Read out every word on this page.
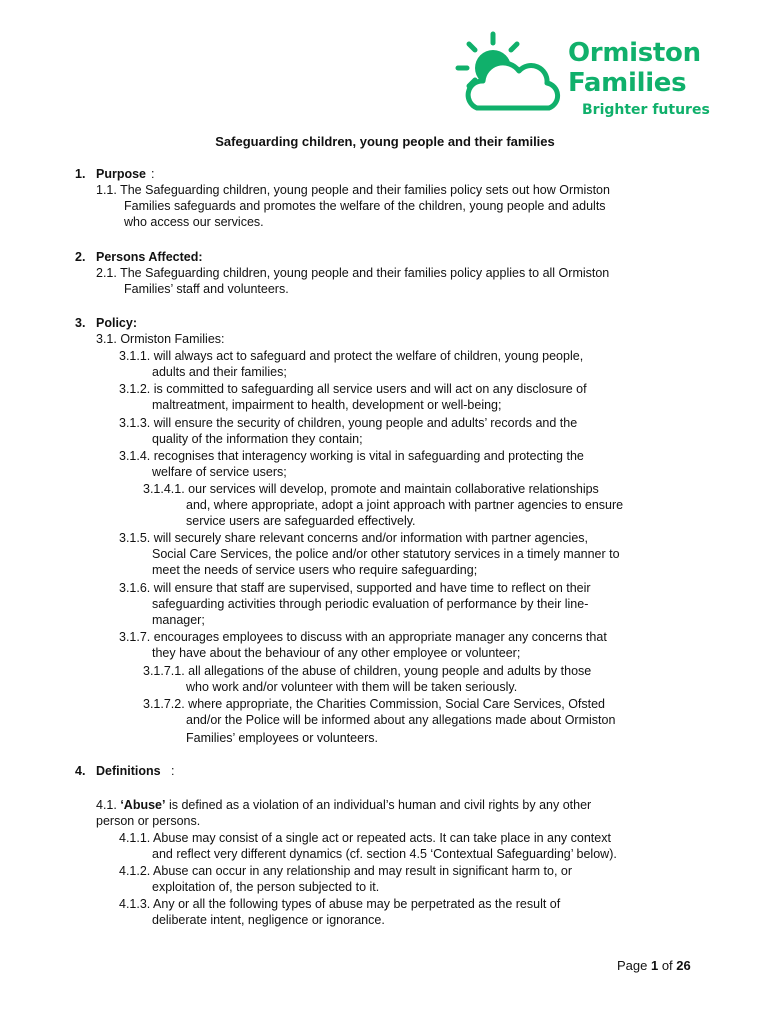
Ormiston
Families
Brighter futures
Safeguarding children, young people and their families
1. Purpose :
1.1. The Safeguarding children, young people and their families policy sets out how Ormiston
Families safeguards and promotes the welfare of the children, young people and adults
who access our services.
2. Persons Affected:
2.1. The Safeguarding children, young people and their families policy applies to all Ormiston
Families’ staff and volunteers.
3. Policy:
3.1. Ormiston Families:
3.1.1. will always act to safeguard and protect the welfare of children, young people,
adults and their families;
3.1.2. is committed to safeguarding all service users and will act on any disclosure of
maltreatment, impairment to health, development or well-being;
3.1.3. will ensure the security of children, young people and adults’ records and the
quality of the information they contain;
3.1.4. recognises that interagency working is vital in safeguarding and protecting the
welfare of service users;
3.1.4.1. our services will develop, promote and maintain collaborative relationships
and, where appropriate, adopt a joint approach with partner agencies to ensure
service users are safeguarded effectively.
3.1.5. will securely share relevant concerns and/or information with partner agencies,
Social Care Services, the police and/or other statutory services in a timely manner to
meet the needs of service users who require safeguarding;
3.1.6. will ensure that staff are supervised, supported and have time to reflect on their
safeguarding activities through periodic evaluation of performance by their line-
manager;
3.1.7. encourages employees to discuss with an appropriate manager any concerns that
they have about the behaviour of any other employee or volunteer;
3.1.7.1. all allegations of the abuse of children, young people and adults by those
who work and/or volunteer with them will be taken seriously.
3.1.7.2. where appropriate, the Charities Commission, Social Care Services, Ofsted
and/or the Police will be informed about any allegations made about Ormiston
Families’ employees or volunteers.
4. Definitions :
4.1. ‘Abuse’ is defined as a violation of an individual’s human and civil rights by any other
person or persons.
4.1.1. Abuse may consist of a single act or repeated acts. It can take place in any context
and reflect very different dynamics (cf. section 4.5 ‘Contextual Safeguarding’ below).
4.1.2. Abuse can occur in any relationship and may result in significant harm to, or
exploitation of, the person subjected to it.
4.1.3. Any or all the following types of abuse may be perpetrated as the result of
deliberate intent, negligence or ignorance.
Page 1 of 26
